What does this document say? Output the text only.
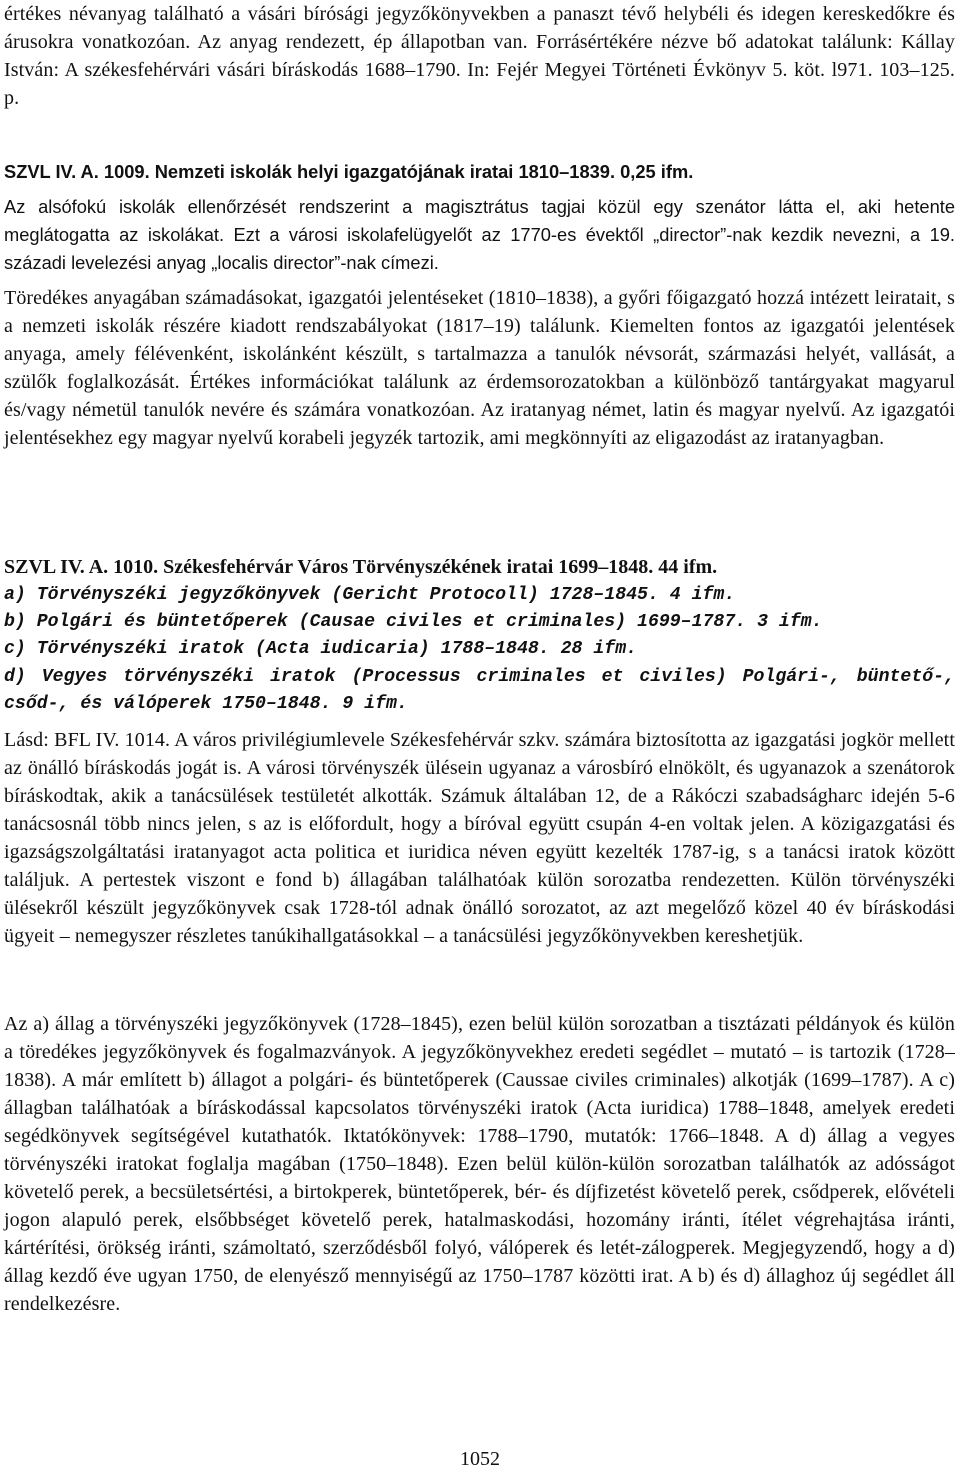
értékes névanyag található a vásári bírósági jegyzőkönyvekben a panaszt tévő helybéli és idegen kereskedőkre és árusokra vonatkozóan. Az anyag rendezett, ép állapotban van. Forrásértékére nézve bő adatokat találunk: Kállay István: A székesfehérvári vásári bíráskodás 1688–1790. In: Fejér Megyei Történeti Évkönyv 5. köt. l971. 103–125. p.

SZVL IV. A. 1009. Nemzeti iskolák helyi igazgatójának iratai 1810–1839. 0,25 ifm.

Az alsófokú iskolák ellenőrzését rendszerint a magisztrátus tagjai közül egy szenátor látta el, aki hetente meglátogatta az iskolákat. Ezt a városi iskolafelügyelőt az 1770-es évektől „director”-nak kezdik nevezni, a 19. századi levelezési anyag „localis director”-nak címezi.

Töredékes anyagában számadásokat, igazgatói jelentéseket (1810–1838), a győri főigazgató hozzá intézett leiratait, s a nemzeti iskolák részére kiadott rendszabályokat (1817–19) találunk. Kiemelten fontos az igazgatói jelentések anyaga, amely félévenként, iskolánként készült, s tartalmazza a tanulók névsorát, származási helyét, vallását, a szülők foglalkozását. Értékes információkat találunk az érdemsorozatokban a különböző tantárgyakat magyarul és/vagy németül tanulók nevére és számára vonatkozóan. Az iratanyag német, latin és magyar nyelvű. Az igazgatói jelentésekhez egy magyar nyelvű korabeli jegyzék tartozik, ami megkönnyíti az eligazodást az iratanyagban.

SZVL IV. A. 1010. Székesfehérvár Város Törvényszékének iratai 1699–1848. 44 ifm.

a) Törvényszéki jegyzőkönyvek (Gericht Protocoll) 1728–1845. 4 ifm.

b) Polgári és büntetőperek (Causae civiles et criminales) 1699–1787. 3 ifm.

c) Törvényszéki iratok (Acta iudicaria) 1788–1848. 28 ifm.

d) Vegyes törvényszéki iratok (Processus criminales et civiles) Polgári-, büntető-, csőd-, és válóperek 1750–1848. 9 ifm.

Lásd: BFL IV. 1014. A város privilégiumlevele Székesfehérvár szkv. számára biztosította az igazgatási jogkör mellett az önálló bíráskodás jogát is. A városi törvényszék ülésein ugyanaz a városbíró elnökölt, és ugyanazok a szenátorok bíráskodtak, akik a tanácsülések testületét alkották. Számuk általában 12, de a Rákóczi szabadságharc idején 5-6 tanácsosnál több nincs jelen, s az is előfordult, hogy a bíróval együtt csupán 4-en voltak jelen. A közigazgatási és igazságszolgáltatási iratanyagot acta politica et iuridica néven együtt kezelték 1787-ig, s a tanácsi iratok között találjuk. A pertestek viszont e fond b) állagában találhatóak külön sorozatba rendezetten. Külön törvényszéki ülésekről készült jegyzőkönyvek csak 1728-tól adnak önálló sorozatot, az azt megelőző közel 40 év bíráskodási ügyeit – nemegyszer részletes tanúkihallgatásokkal – a tanácsülési jegyzőkönyvekben kereshetjük.

Az a) állag a törvényszéki jegyzőkönyvek (1728–1845), ezen belül külön sorozatban a tisztázati példányok és külön a töredékes jegyzőkönyvek és fogalmazványok. A jegyzőkönyvekhez eredeti segédlet – mutató – is tartozik (1728–1838). A már említett b) állagot a polgári- és büntetőperek (Caussae civiles criminales) alkotják (1699–1787). A c) állagban találhatóak a bíráskodással kapcsolatos törvényszéki iratok (Acta iuridica) 1788–1848, amelyek eredeti segédkönyvek segítségével kutathatók. Iktatókönyvek: 1788–1790, mutatók: 1766–1848. A d) állag a vegyes törvényszéki iratokat foglalja magában (1750–1848). Ezen belül külön-külön sorozatban találhatók az adósságot követelő perek, a becsületsértési, a birtokperek, büntetőperek, bér- és díjfizetést követelő perek, csődperek, elővételi jogon alapuló perek, elsőbbséget követelő perek, hatalmaskodási, hozomány iránti, ítélet végrehajtása iránti, kártérítési, örökség iránti, számoltató, szerződésből folyó, válóperek és letét-zálogperek. Megjegyzendő, hogy a d) állag kezdő éve ugyan 1750, de elenyésző mennyiségű az 1750–1787 közötti irat. A b) és d) állaghoz új segédlet áll rendelkezésre.

1052
